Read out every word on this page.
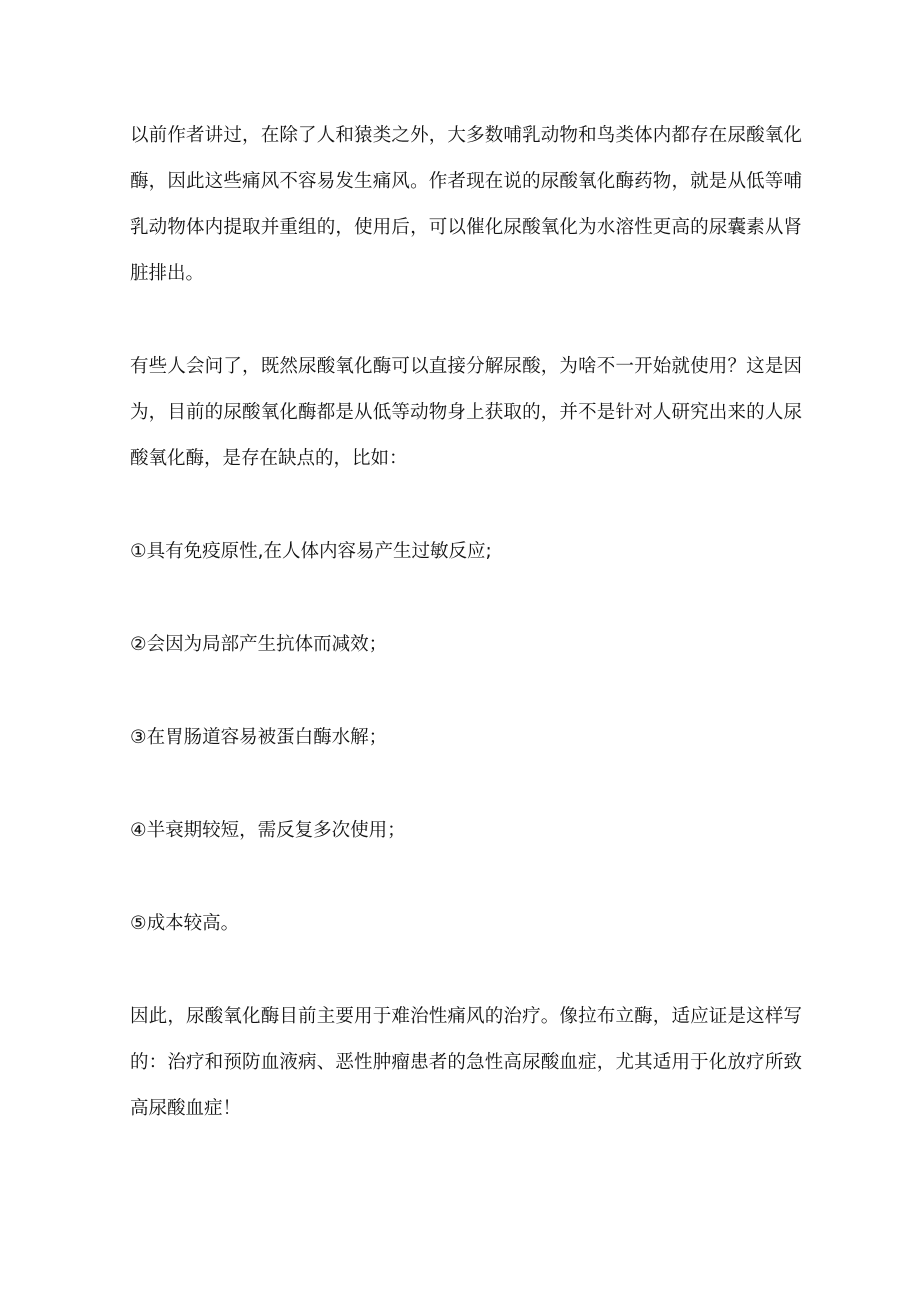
以前作者讲过，在除了人和猿类之外，大多数哺乳动物和鸟类体内都存在尿酸氧化酶，因此这些痛风不容易发生痛风。作者现在说的尿酸氧化酶药物，就是从低等哺乳动物体内提取并重组的，使用后，可以催化尿酸氧化为水溶性更高的尿囊素从肾脏排出。

有些人会问了，既然尿酸氧化酶可以直接分解尿酸，为啥不一开始就使用？这是因为，目前的尿酸氧化酶都是从低等动物身上获取的，并不是针对人研究出来的人尿酸氧化酶，是存在缺点的，比如：

①具有免疫原性,在人体内容易产生过敏反应;

②会因为局部产生抗体而减效；

③在胃肠道容易被蛋白酶水解；

④半衰期较短，需反复多次使用；

⑤成本较高。

因此，尿酸氧化酶目前主要用于难治性痛风的治疗。像拉布立酶，适应证是这样写的：治疗和预防血液病、恶性肿瘤患者的急性高尿酸血症，尤其适用于化放疗所致高尿酸血症！
